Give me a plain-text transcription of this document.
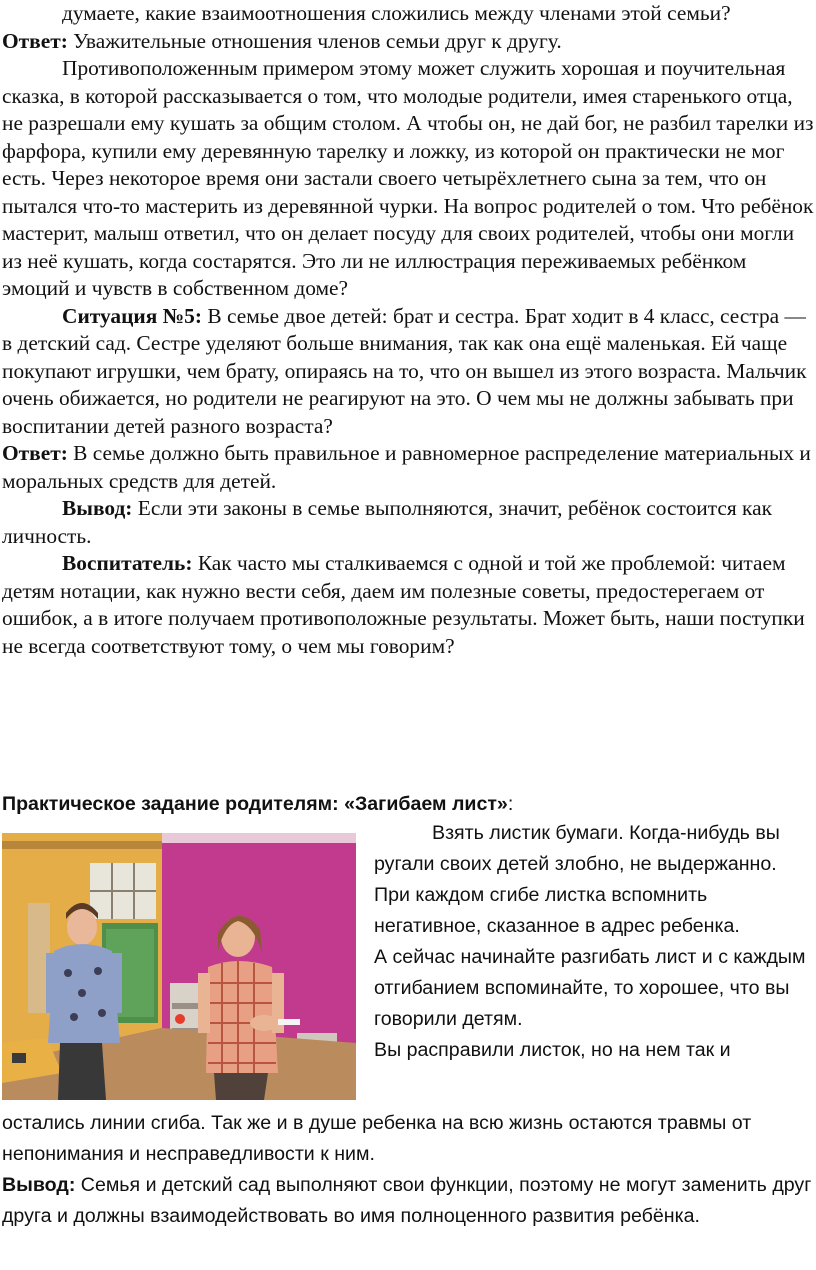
думаете, какие взаимоотношения сложились между членами этой семьи?

Ответ: Уважительные отношения членов семьи друг к другу.

Противоположенным примером этому может служить хорошая и поучительная сказка, в которой рассказывается о том, что молодые родители, имея старенького отца, не разрешали ему кушать за общим столом. А чтобы он, не дай бог, не разбил тарелки из фарфора, купили ему деревянную тарелку и ложку, из которой он практически не мог есть. Через некоторое время они застали своего четырёхлетнего сына за тем, что он пытался что-то мастерить из деревянной чурки. На вопрос родителей о том. Что ребёнок мастерит, малыш ответил, что он делает посуду для своих родителей, чтобы они могли из неё кушать, когда состарятся. Это ли не иллюстрация переживаемых ребёнком эмоций и чувств в собственном доме?

Ситуация №5: В семье двое детей: брат и сестра. Брат ходит в 4 класс, сестра — в детский сад. Сестре уделяют больше внимания, так как она ещё маленькая. Ей чаще покупают игрушки, чем брату, опираясь на то, что он вышел из этого возраста. Мальчик очень обижается, но родители не реагируют на это. О чем мы не должны забывать при воспитании детей разного возраста?

Ответ: В семье должно быть правильное и равномерное распределение материальных и моральных средств для детей.

Вывод: Если эти законы в семье выполняются, значит, ребёнок состоится как личность.

Воспитатель: Как часто мы сталкиваемся с одной и той же проблемой: читаем детям нотации, как нужно вести себя, даем им полезные советы, предостерегаем от ошибок, а в итоге получаем противоположные результаты. Может быть, наши поступки не всегда соответствуют тому, о чем мы говорим?

Практическое задание родителям: «Загибаем лист»:

Взять листик бумаги. Когда-нибудь вы ругали своих детей злобно, не выдержанно. При каждом сгибе листка вспомнить негативное, сказанное в адрес ребенка.

А сейчас начинайте разгибать лист и с каждым отгибанием вспоминайте, то хорошее, что вы говорили детям.

Вы расправили листок, но на нем так и

остались линии сгиба. Так же и в душе ребенка на всю жизнь остаются травмы от непонимания и несправедливости к ним.

Вывод: Семья и детский сад выполняют свои функции, поэтому не могут заменить друг друга и должны взаимодействовать во имя полноценного развития ребёнка.
